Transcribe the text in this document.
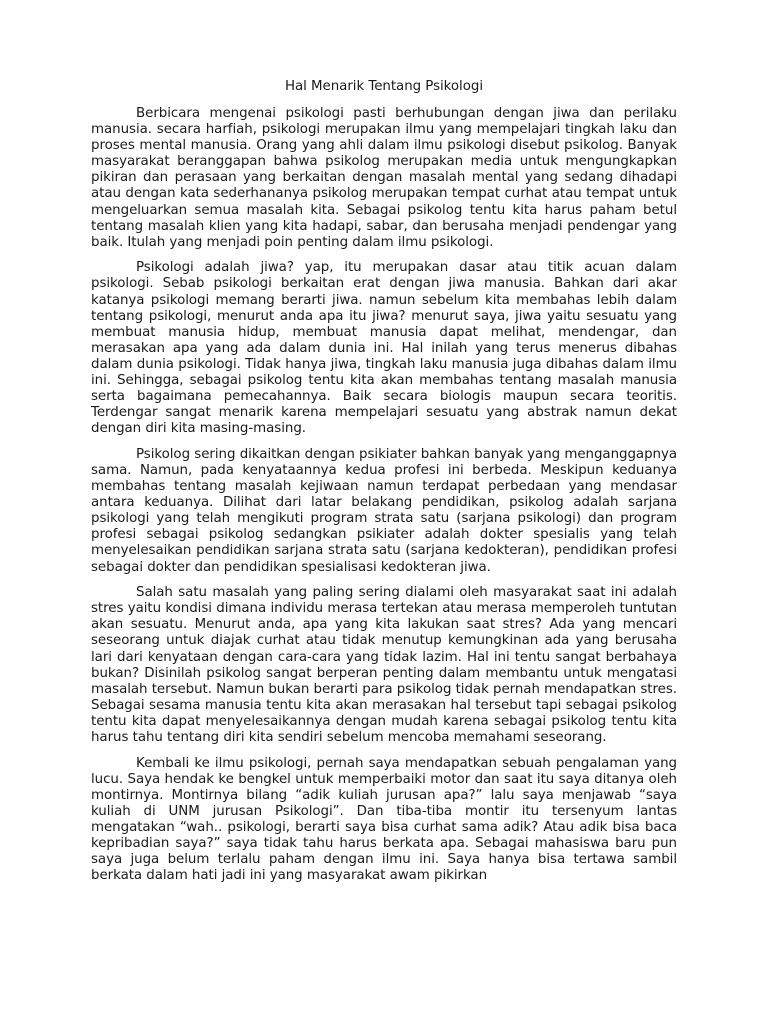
Hal Menarik Tentang Psikologi

Berbicara mengenai psikologi pasti berhubungan dengan jiwa dan perilaku manusia. secara harfiah, psikologi merupakan ilmu yang mempelajari tingkah laku dan proses mental manusia. Orang yang ahli dalam ilmu psikologi disebut psikolog. Banyak masyarakat beranggapan bahwa psikolog merupakan media untuk mengungkapkan pikiran dan perasaan yang berkaitan dengan masalah mental yang sedang dihadapi atau dengan kata sederhananya psikolog merupakan tempat curhat atau tempat untuk mengeluarkan semua masalah kita. Sebagai psikolog tentu kita harus paham betul tentang masalah klien yang kita hadapi, sabar, dan berusaha menjadi pendengar yang baik. Itulah yang menjadi poin penting dalam ilmu psikologi.

Psikologi adalah jiwa? yap, itu merupakan dasar atau titik acuan dalam psikologi. Sebab psikologi berkaitan erat dengan jiwa manusia. Bahkan dari akar katanya psikologi memang berarti jiwa. namun sebelum kita membahas lebih dalam tentang psikologi, menurut anda apa itu jiwa? menurut saya, jiwa yaitu sesuatu yang membuat manusia hidup, membuat manusia dapat melihat, mendengar, dan merasakan apa yang ada dalam dunia ini. Hal inilah yang terus menerus dibahas dalam dunia psikologi. Tidak hanya jiwa, tingkah laku manusia juga dibahas dalam ilmu ini. Sehingga, sebagai psikolog tentu kita akan membahas tentang masalah manusia serta bagaimana pemecahannya. Baik secara biologis maupun secara teoritis. Terdengar sangat menarik karena mempelajari sesuatu yang abstrak namun dekat dengan diri kita masing-masing.

Psikolog sering dikaitkan dengan psikiater bahkan banyak yang menganggapnya sama. Namun, pada kenyataannya kedua profesi ini berbeda. Meskipun keduanya membahas tentang masalah kejiwaan namun terdapat perbedaan yang mendasar antara keduanya. Dilihat dari latar belakang pendidikan, psikolog adalah sarjana psikologi yang telah mengikuti program strata satu (sarjana psikologi) dan program profesi sebagai psikolog sedangkan psikiater adalah dokter spesialis yang telah menyelesaikan pendidikan sarjana strata satu (sarjana kedokteran), pendidikan profesi sebagai dokter dan pendidikan spesialisasi kedokteran jiwa.

Salah satu masalah yang paling sering dialami oleh masyarakat saat ini adalah stres yaitu kondisi dimana individu merasa tertekan atau merasa memperoleh tuntutan akan sesuatu. Menurut anda, apa yang kita lakukan saat stres? Ada yang mencari seseorang untuk diajak curhat atau tidak menutup kemungkinan ada yang berusaha lari dari kenyataan dengan cara-cara yang tidak lazim. Hal ini tentu sangat berbahaya bukan? Disinilah psikolog sangat berperan penting dalam membantu untuk mengatasi masalah tersebut. Namun bukan berarti para psikolog tidak pernah mendapatkan stres. Sebagai sesama manusia tentu kita akan merasakan hal tersebut tapi sebagai psikolog tentu kita dapat menyelesaikannya dengan mudah karena sebagai psikolog tentu kita harus tahu tentang diri kita sendiri sebelum mencoba memahami seseorang.

Kembali ke ilmu psikologi, pernah saya mendapatkan sebuah pengalaman yang lucu. Saya hendak ke bengkel untuk memperbaiki motor dan saat itu saya ditanya oleh montirnya. Montirnya bilang “adik kuliah jurusan apa?” lalu saya menjawab “saya kuliah di UNM jurusan Psikologi”. Dan tiba-tiba montir itu tersenyum lantas mengatakan “wah.. psikologi, berarti saya bisa curhat sama adik? Atau adik bisa baca kepribadian saya?” saya tidak tahu harus berkata apa. Sebagai mahasiswa baru pun saya juga belum terlalu paham dengan ilmu ini. Saya hanya bisa tertawa sambil berkata dalam hati jadi ini yang masyarakat awam pikirkan
